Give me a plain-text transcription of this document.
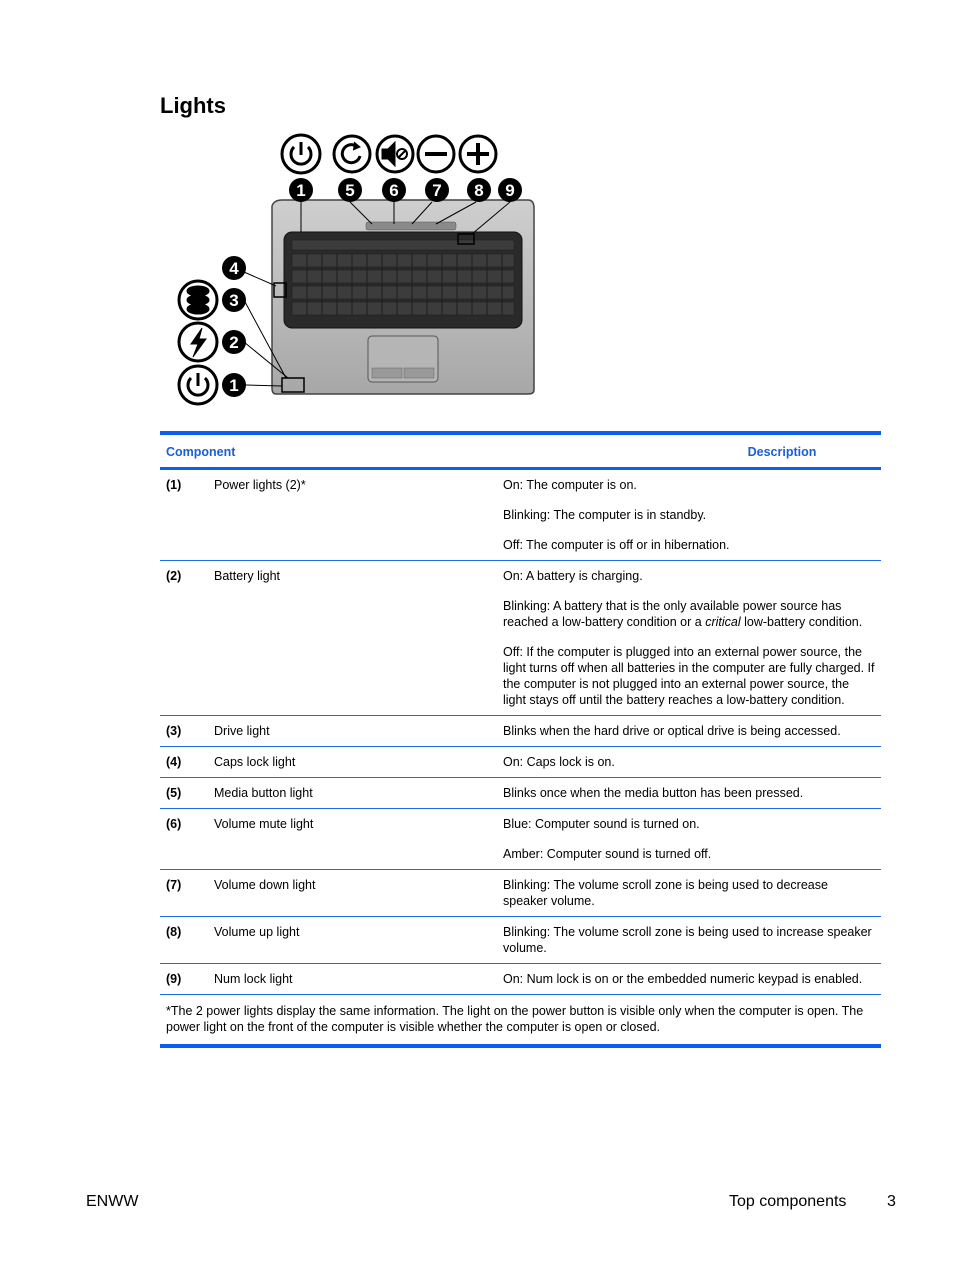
Lights
1 5 6 7 8 9
4
3
2
1
Component	Description
(1)	Power lights (2)*	On: The computer is on.

Blinking: The computer is in standby.

Off: The computer is off or in hibernation.

(2)	Battery light	On: A battery is charging.

Blinking: A battery that is the only available power source has reached a low-battery condition or a critical low-battery condition.

Off: If the computer is plugged into an external power source, the light turns off when all batteries in the computer are fully charged. If the computer is not plugged into an external power source, the light stays off until the battery reaches a low-battery condition.

(3)	Drive light	Blinks when the hard drive or optical drive is being accessed.

(4)	Caps lock light	On: Caps lock is on.

(5)	Media button light	Blinks once when the media button has been pressed.

(6)	Volume mute light	Blue: Computer sound is turned on.

Amber: Computer sound is turned off.

(7)	Volume down light	Blinking: The volume scroll zone is being used to decrease speaker volume.

(8)	Volume up light	Blinking: The volume scroll zone is being used to increase speaker volume.

(9)	Num lock light	On: Num lock is on or the embedded numeric keypad is enabled.

*The 2 power lights display the same information. The light on the power button is visible only when the computer is open. The power light on the front of the computer is visible whether the computer is open or closed.
ENWW	Top components	3
